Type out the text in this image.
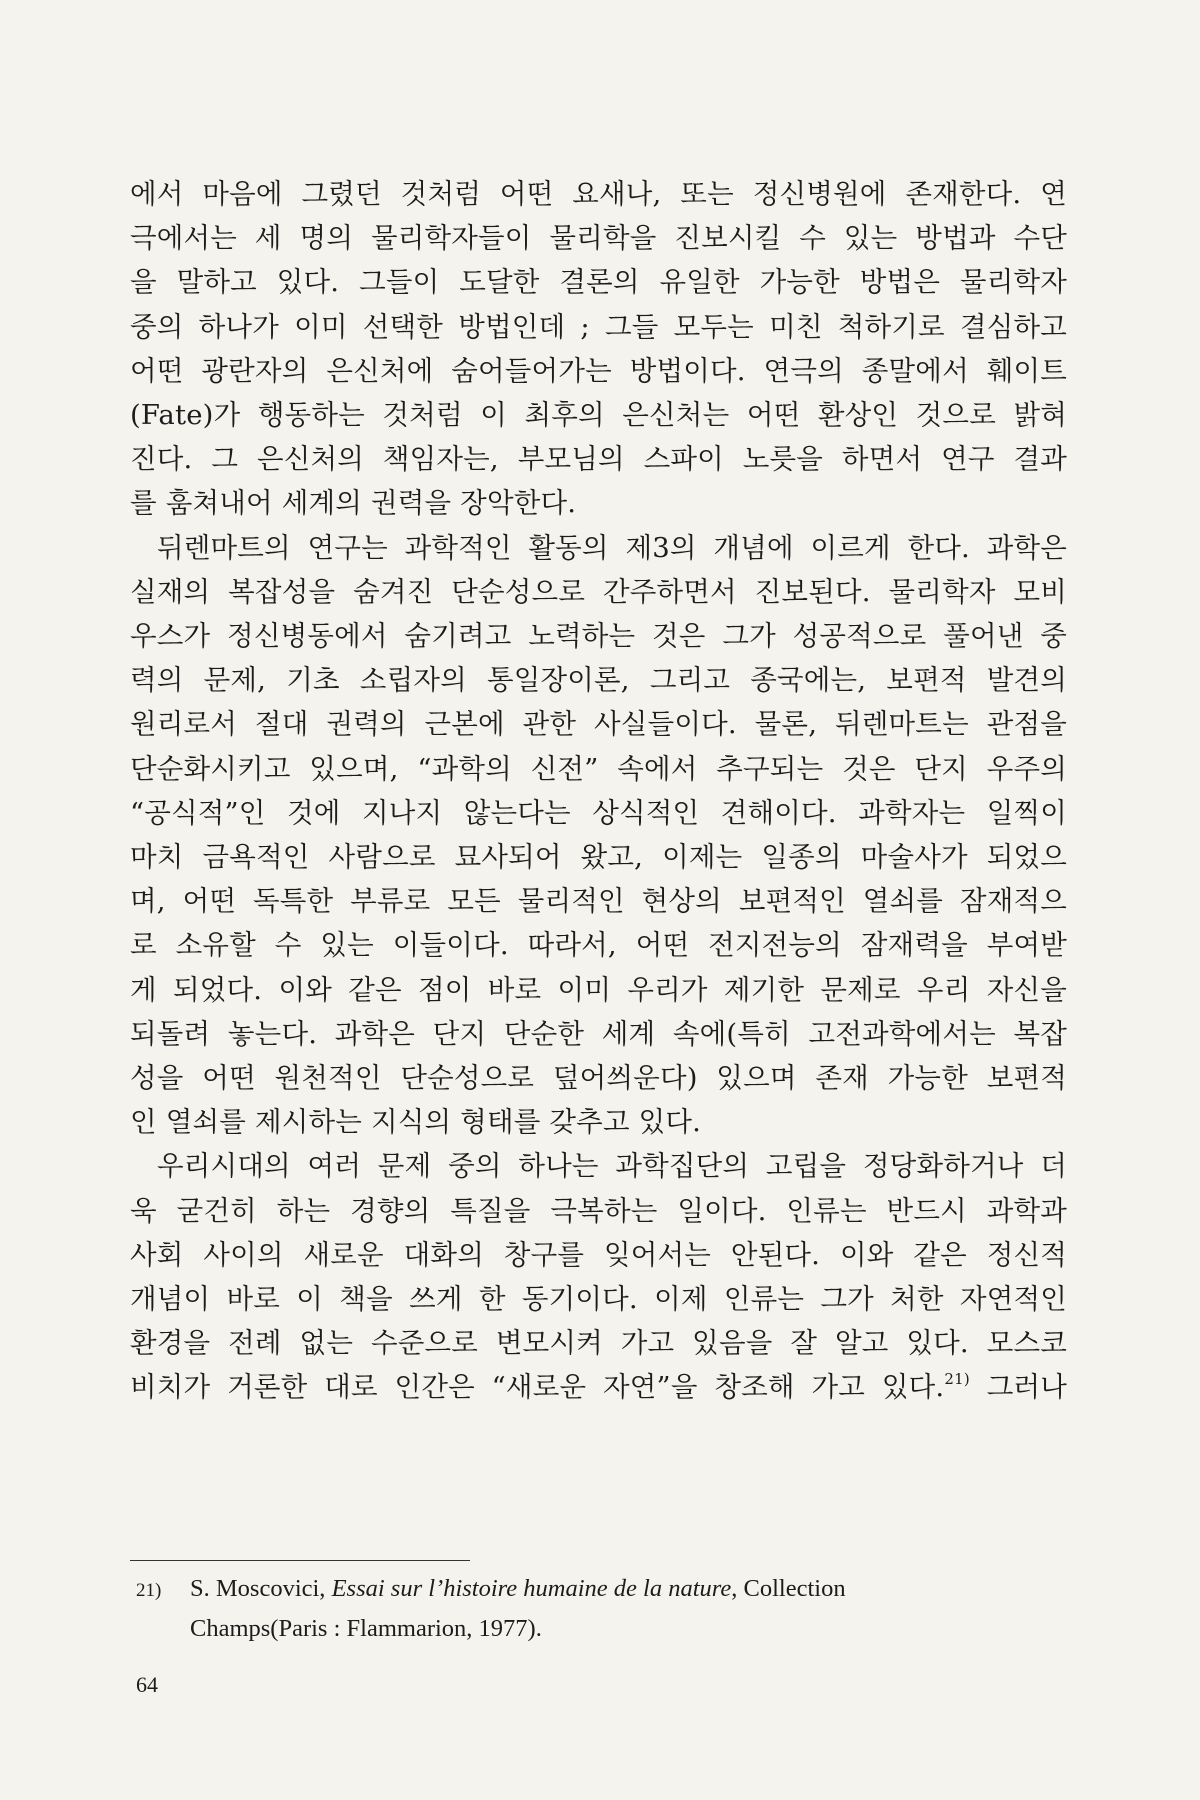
에서 마음에 그렸던 것처럼 어떤 요새나, 또는 정신병원에 존재한다. 연

극에서는 세 명의 물리학자들이 물리학을 진보시킬 수 있는 방법과 수단

을 말하고 있다. 그들이 도달한 결론의 유일한 가능한 방법은 물리학자

중의 하나가 이미 선택한 방법인데 ; 그들 모두는 미친 척하기로 결심하고

어떤 광란자의 은신처에 숨어들어가는 방법이다. 연극의 종말에서 훼이트

(Fate)가 행동하는 것처럼 이 최후의 은신처는 어떤 환상인 것으로 밝혀

진다. 그 은신처의 책임자는, 부모님의 스파이 노릇을 하면서 연구 결과

를 훔쳐내어 세계의 권력을 장악한다.

뒤렌마트의 연구는 과학적인 활동의 제3의 개념에 이르게 한다. 과학은

실재의 복잡성을 숨겨진 단순성으로 간주하면서 진보된다. 물리학자 모비

우스가 정신병동에서 숨기려고 노력하는 것은 그가 성공적으로 풀어낸 중

력의 문제, 기초 소립자의 통일장이론, 그리고 종국에는, 보편적 발견의

원리로서 절대 권력의 근본에 관한 사실들이다. 물론, 뒤렌마트는 관점을

단순화시키고 있으며, “과학의 신전” 속에서 추구되는 것은 단지 우주의

“공식적”인 것에 지나지 않는다는 상식적인 견해이다. 과학자는 일찍이

마치 금욕적인 사람으로 묘사되어 왔고, 이제는 일종의 마술사가 되었으

며, 어떤 독특한 부류로 모든 물리적인 현상의 보편적인 열쇠를 잠재적으

로 소유할 수 있는 이들이다. 따라서, 어떤 전지전능의 잠재력을 부여받

게 되었다. 이와 같은 점이 바로 이미 우리가 제기한 문제로 우리 자신을

되돌려 놓는다. 과학은 단지 단순한 세계 속에(특히 고전과학에서는 복잡

성을 어떤 원천적인 단순성으로 덮어씌운다) 있으며 존재 가능한 보편적

인 열쇠를 제시하는 지식의 형태를 갖추고 있다.

우리시대의 여러 문제 중의 하나는 과학집단의 고립을 정당화하거나 더

욱 굳건히 하는 경향의 특질을 극복하는 일이다. 인류는 반드시 과학과

사회 사이의 새로운 대화의 창구를 잊어서는 안된다. 이와 같은 정신적

개념이 바로 이 책을 쓰게 한 동기이다. 이제 인류는 그가 처한 자연적인

환경을 전례 없는 수준으로 변모시켜 가고 있음을 잘 알고 있다. 모스코

비치가 거론한 대로 인간은 “새로운 자연”을 창조해 가고 있다.$^{21)}$ 그러나

21) S. Moscovici, Essai sur l’histoire humaine de la nature, Collection
Champs(Paris : Flammarion, 1977).
64
